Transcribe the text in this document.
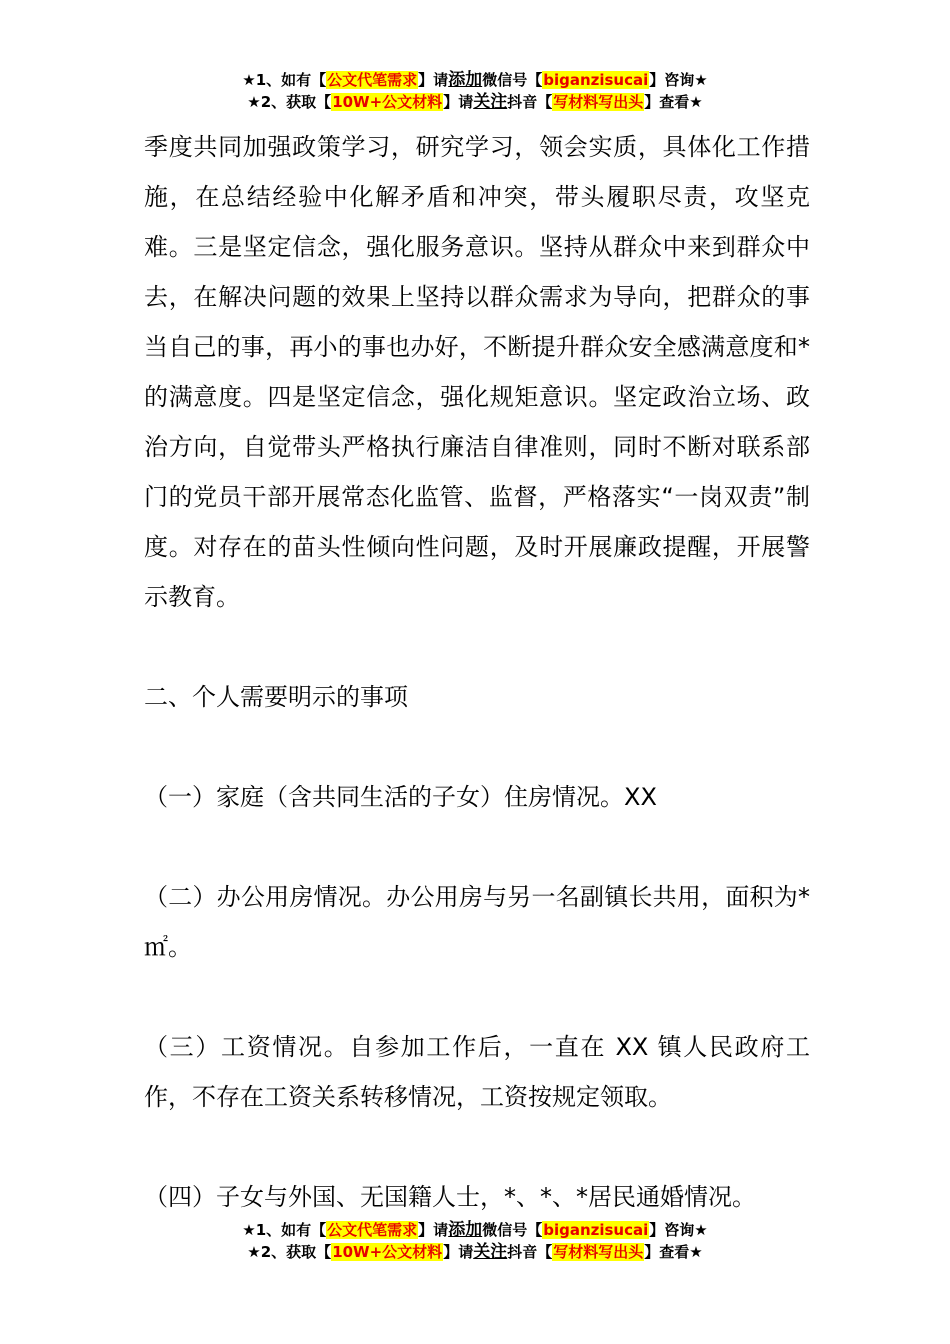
★1、如有【公文代笔需求】请添加微信号【biganzisucai】咨询★
★2、获取【10W+公文材料】请关注抖音【写材料写出头】查看★

季度共同加强政策学习，研究学习，领会实质，具体化工作措施，在总结经验中化解矛盾和冲突，带头履职尽责，攻坚克难。三是坚定信念，强化服务意识。坚持从群众中来到群众中去，在解决问题的效果上坚持以群众需求为导向，把群众的事当自己的事，再小的事也办好，不断提升群众安全感满意度和*的满意度。四是坚定信念，强化规矩意识。坚定政治立场、政治方向，自觉带头严格执行廉洁自律准则，同时不断对联系部门的党员干部开展常态化监管、监督，严格落实“一岗双责”制度。对存在的苗头性倾向性问题，及时开展廉政提醒，开展警示教育。

二、个人需要明示的事项

（一）家庭（含共同生活的子女）住房情况。XX

（二）办公用房情况。办公用房与另一名副镇长共用，面积为*㎡。

（三）工资情况。自参加工作后，一直在 XX 镇人民政府工作，不存在工资关系转移情况，工资按规定领取。

（四）子女与外国、无国籍人士，*、*、*居民通婚情况。

★1、如有【公文代笔需求】请添加微信号【biganzisucai】咨询★
★2、获取【10W+公文材料】请关注抖音【写材料写出头】查看★
